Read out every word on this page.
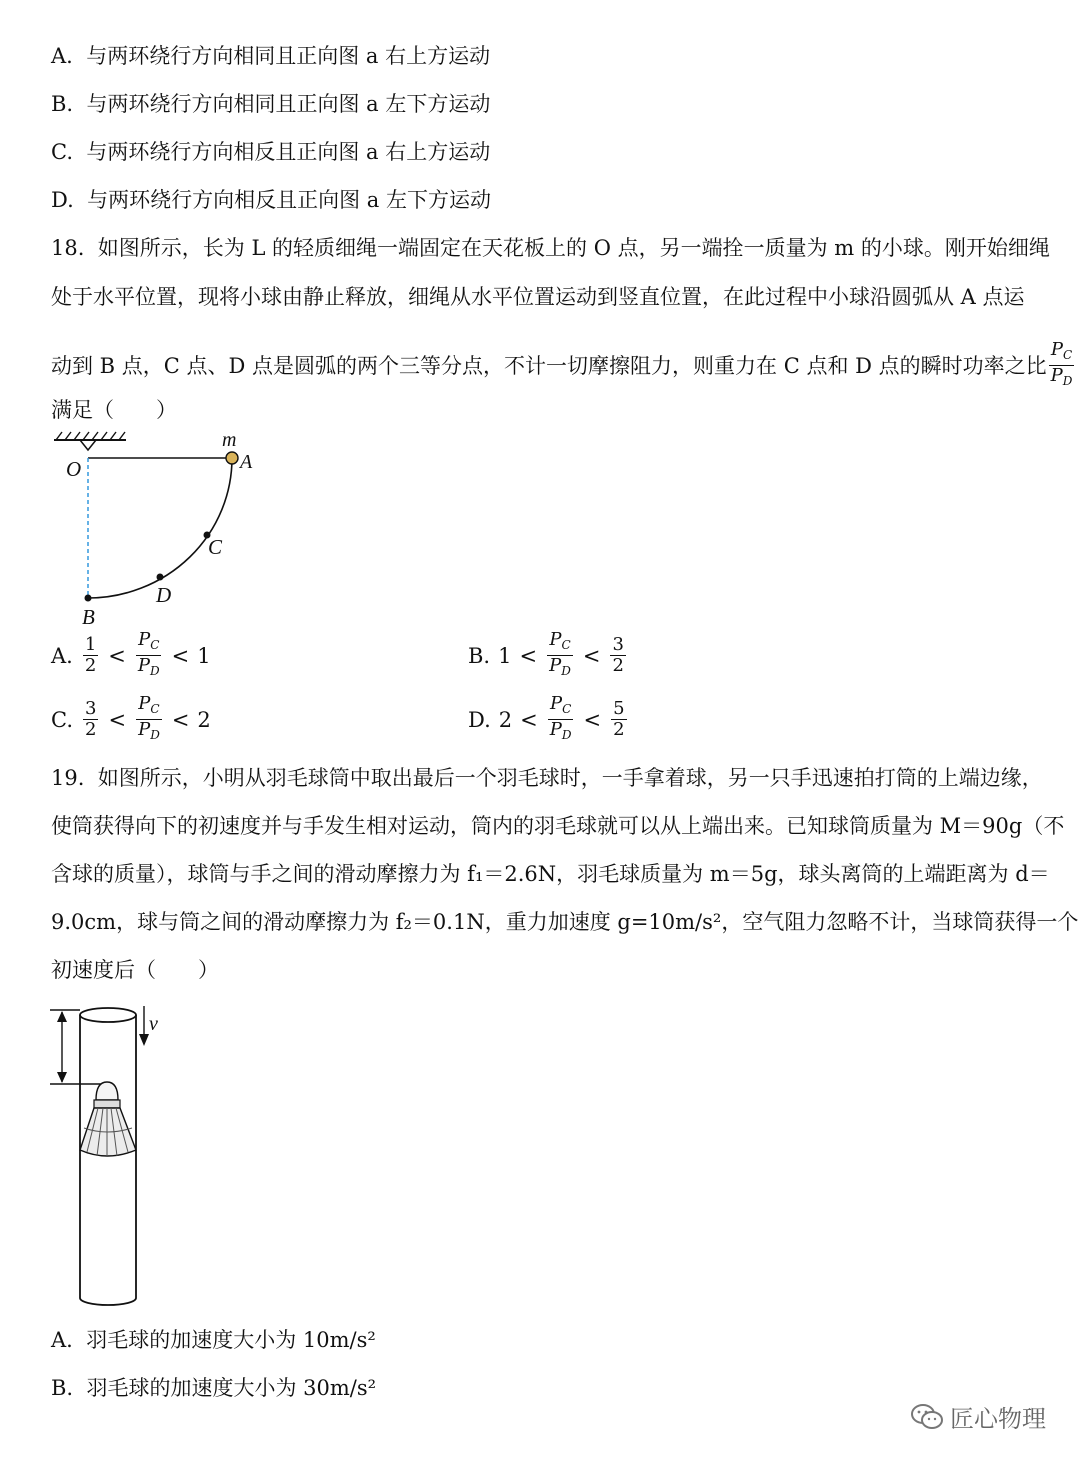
A. 与两环绕行方向相同且正向图 a 右上方运动
B. 与两环绕行方向相同且正向图 a 左下方运动
C. 与两环绕行方向相反且正向图 a 右上方运动
D. 与两环绕行方向相反且正向图 a 左下方运动
18. 如图所示，长为 L 的轻质细绳一端固定在天花板上的 O 点，另一端拴一质量为 m 的小球。刚开始细绳
处于水平位置，现将小球由静止释放，细绳从水平位置运动到竖直位置，在此过程中小球沿圆弧从 A 点运
动到 B 点，C 点、D 点是圆弧的两个三等分点，不计一切摩擦阻力，则重力在 C 点和 D 点的瞬时功率之比 $\frac{P_C}{P_D}$
满足（　　）
O
m
A
C
D
B
A. $\frac{1}{2} < \frac{P_C}{P_D} < 1$	B. $1 < \frac{P_C}{P_D} < \frac{3}{2}$
C. $\frac{3}{2} < \frac{P_C}{P_D} < 2$	D. $2 < \frac{P_C}{P_D} < \frac{5}{2}$
19. 如图所示，小明从羽毛球筒中取出最后一个羽毛球时，一手拿着球，另一只手迅速拍打筒的上端边缘，
使筒获得向下的初速度并与手发生相对运动，筒内的羽毛球就可以从上端出来。已知球筒质量为 M＝90g（不
含球的质量），球筒与手之间的滑动摩擦力为 f₁＝2.6N，羽毛球质量为 m＝5g，球头离筒的上端距离为 d＝
9.0cm，球与筒之间的滑动摩擦力为 f₂＝0.1N，重力加速度 g=10m/s²，空气阻力忽略不计，当球筒获得一个
初速度后（　　）
v
A. 羽毛球的加速度大小为 10m/s²
B. 羽毛球的加速度大小为 30m/s²
匠心物理
